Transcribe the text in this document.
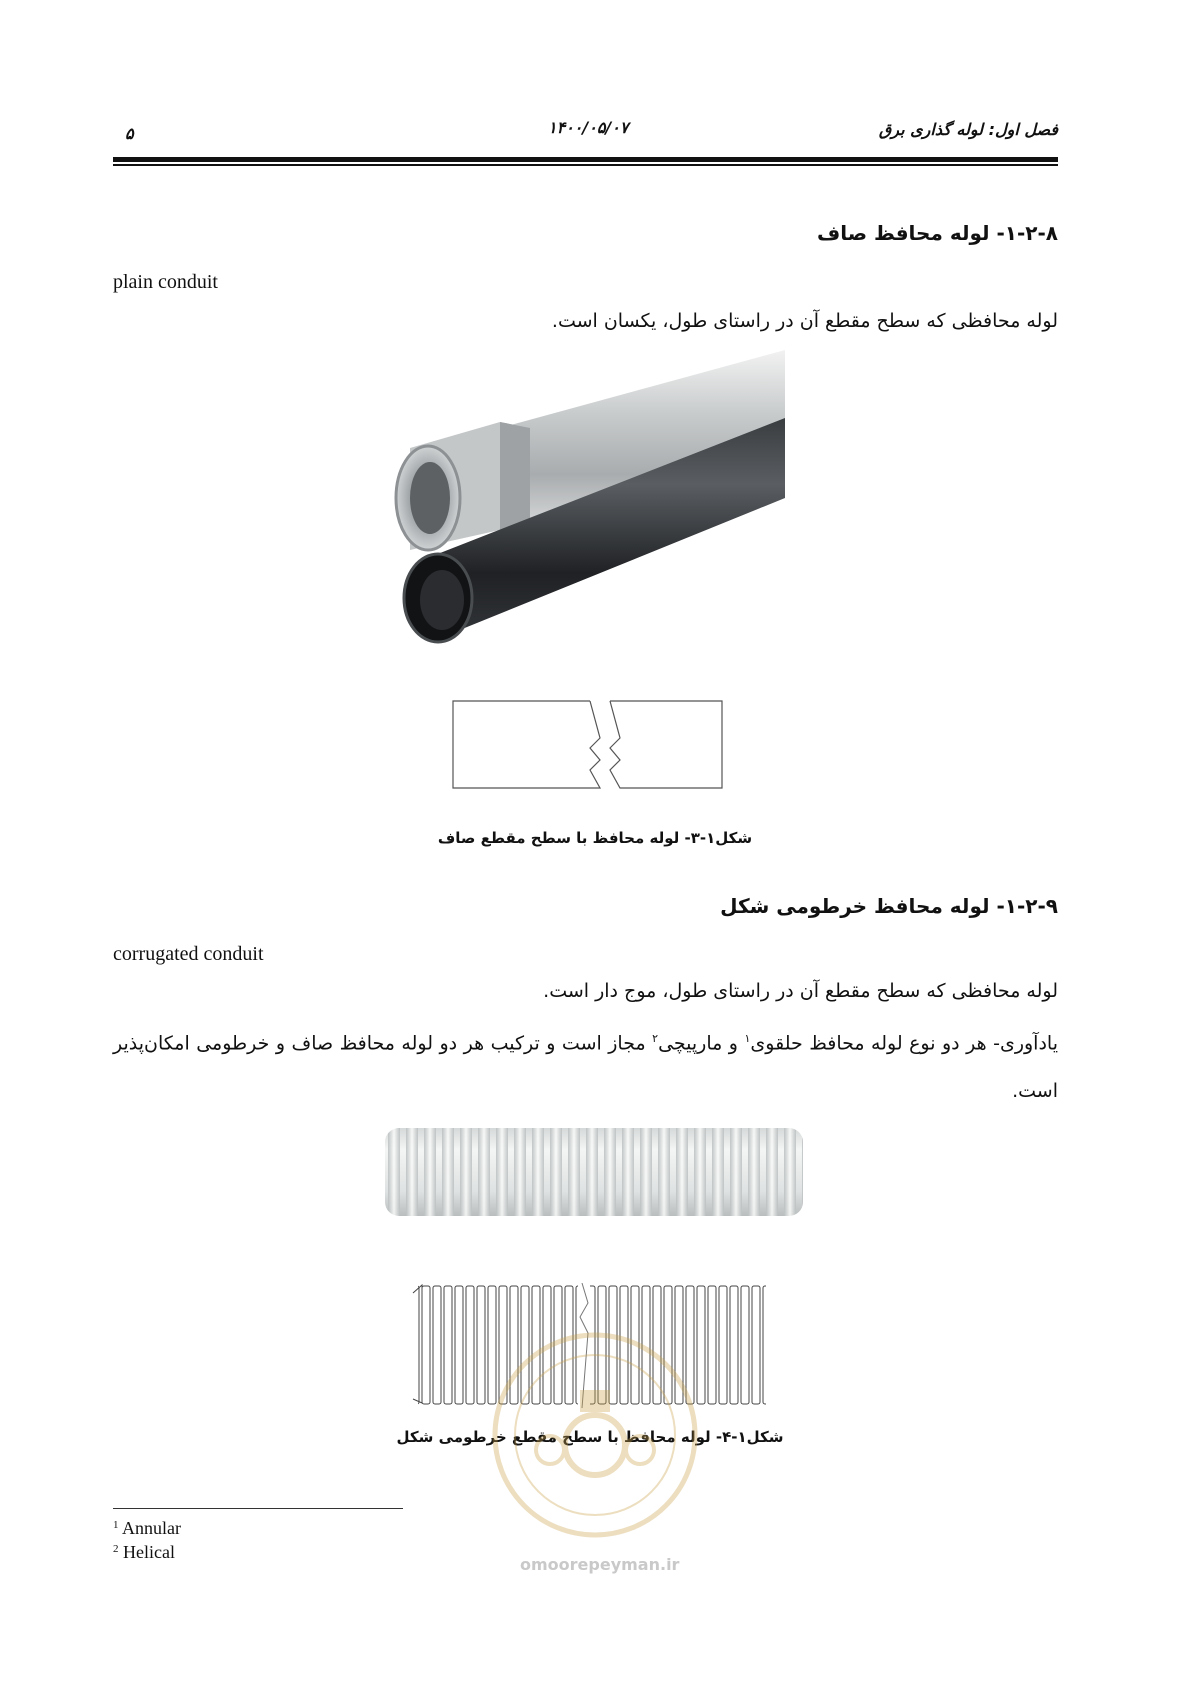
۵	۱۴۰۰/۰۵/۰۷	فصل اول: لوله گذاری برق
۱-۲-۸- لوله محافظ صاف
plain conduit
لوله محافظی که سطح مقطع آن در راستای طول، یکسان است.
شکل۱-۳- لوله محافظ با سطح مقطع صاف
۱-۲-۹- لوله محافظ خرطومی شکل
corrugated conduit
لوله محافظی که سطح مقطع آن در راستای طول، موج دار است.
یادآوری- هر دو نوع لوله محافظ حلقوی$^۱$ و مارپیچی$^۲$ مجاز است و ترکیب هر دو لوله محافظ صاف و خرطومی امکان‌پذیر است.
شکل۱-۴- لوله محافظ با سطح مقطع خرطومی شکل
omoorepeyman.ir
$^1$ Annular
$^2$ Helical
